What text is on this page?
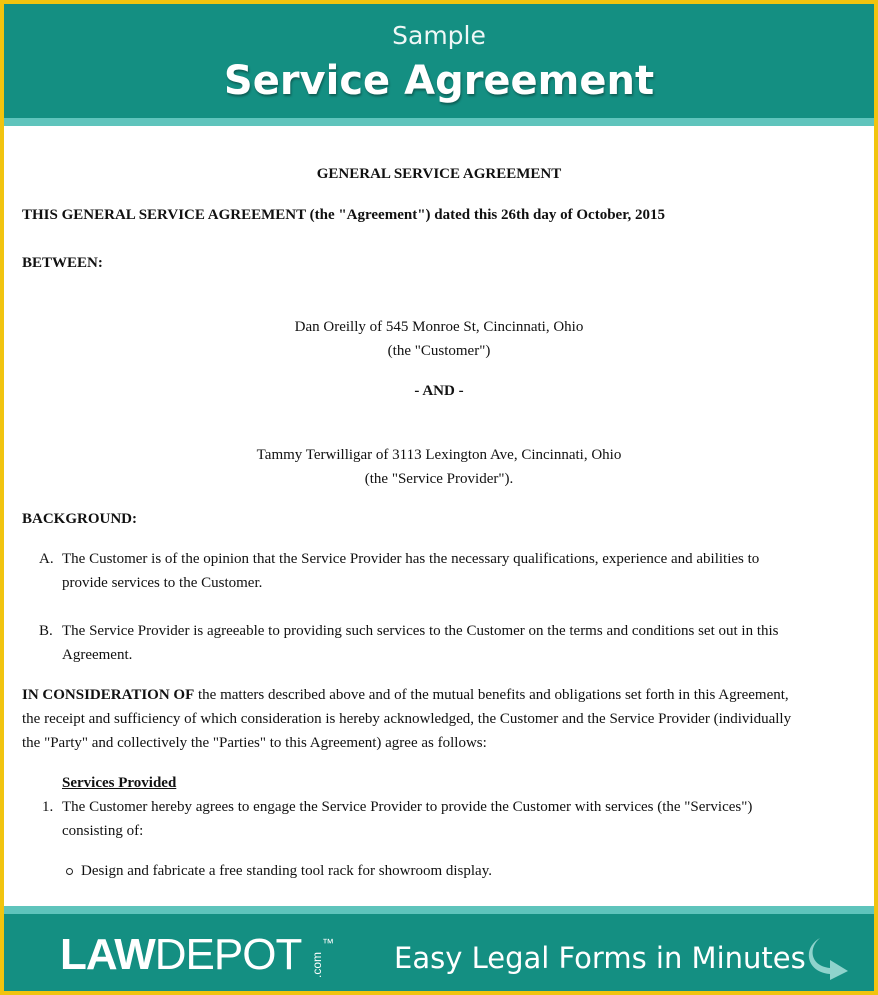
Sample
Service Agreement
GENERAL SERVICE AGREEMENT
THIS GENERAL SERVICE AGREEMENT (the "Agreement") dated this 26th day of October, 2015
BETWEEN:
Dan Oreilly of 545 Monroe St, Cincinnati, Ohio
(the "Customer")
- AND -
Tammy Terwilligar of 3113 Lexington Ave, Cincinnati, Ohio
(the "Service Provider").
BACKGROUND:
A. The Customer is of the opinion that the Service Provider has the necessary qualifications, experience and abilities to
provide services to the Customer.
B. The Service Provider is agreeable to providing such services to the Customer on the terms and conditions set out in this
Agreement.
IN CONSIDERATION OF the matters described above and of the mutual benefits and obligations set forth in this Agreement,
the receipt and sufficiency of which consideration is hereby acknowledged, the Customer and the Service Provider (individually
the "Party" and collectively the "Parties" to this Agreement) agree as follows:
Services Provided
1. The Customer hereby agrees to engage the Service Provider to provide the Customer with services (the "Services")
consisting of:
Design and fabricate a free standing tool rack for showroom display.
LAWDEPOT .com
™ Easy Legal Forms in Minutes
